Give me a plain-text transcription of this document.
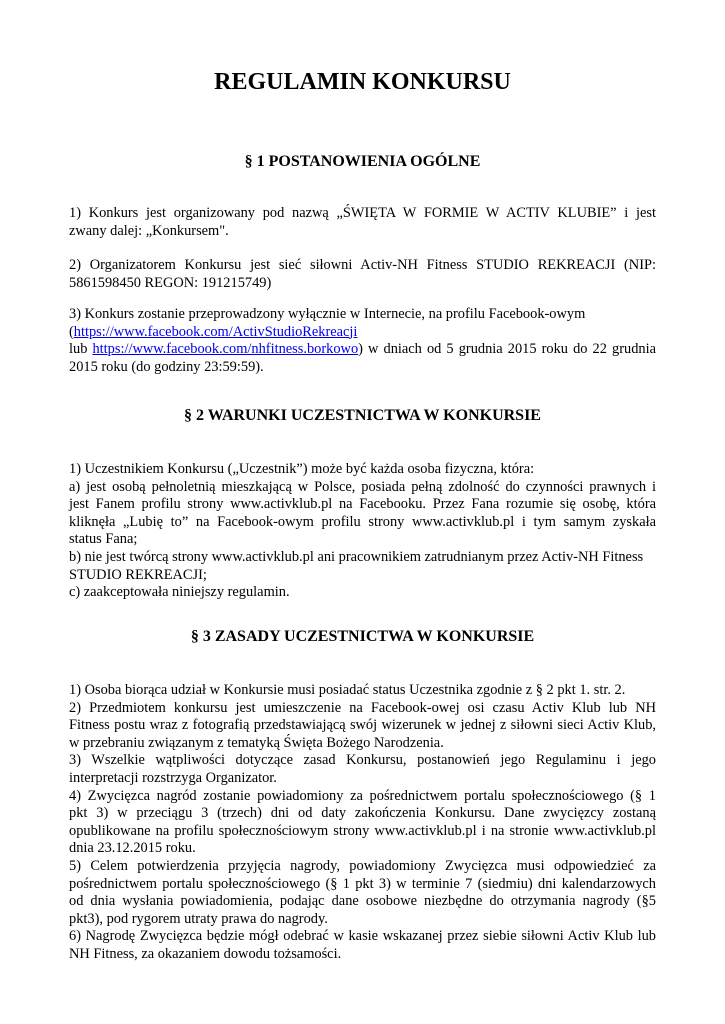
REGULAMIN KONKURSU
§ 1 POSTANOWIENIA OGÓLNE

1) Konkurs jest organizowany pod nazwą „ŚWIĘTA W FORMIE W ACTIV KLUBIE” i jest

zwany dalej: „Konkursem".

2) Organizatorem Konkursu jest sieć siłowni Activ-NH Fitness STUDIO REKREACJI (NIP:

5861598450 REGON: 191215749)

3) Konkurs zostanie przeprowadzony wyłącznie w Internecie, na profilu Facebook-owym

(https://www.facebook.com/ActivStudioRekreacji

lub https://www.facebook.com/nhfitness.borkowo) w dniach od 5 grudnia 2015 roku do 22 grudnia

2015 roku (do godziny 23:59:59).

§ 2 WARUNKI UCZESTNICTWA W KONKURSIE

1) Uczestnikiem Konkursu („Uczestnik”) może być każda osoba fizyczna, która:

a) jest osobą pełnoletnią mieszkającą w Polsce, posiada pełną zdolność do czynności prawnych i

jest Fanem profilu strony www.activklub.pl na Facebooku. Przez Fana rozumie się osobę, która

kliknęła „Lubię to” na Facebook-owym profilu strony www.activklub.pl i tym samym zyskała

status Fana;

b) nie jest twórcą strony www.activklub.pl ani pracownikiem zatrudnianym przez Activ-NH Fitness

STUDIO REKREACJI;

c) zaakceptowała niniejszy regulamin.

§ 3 ZASADY UCZESTNICTWA W KONKURSIE

1) Osoba biorąca udział w Konkursie musi posiadać status Uczestnika zgodnie z § 2 pkt 1. str. 2.

2) Przedmiotem konkursu jest umieszczenie na Facebook-owej osi czasu Activ Klub lub NH

Fitness postu wraz z fotografią przedstawiającą swój wizerunek w jednej z siłowni sieci Activ Klub,

w przebraniu związanym z tematyką Święta Bożego Narodzenia.

3) Wszelkie wątpliwości dotyczące zasad Konkursu, postanowień jego Regulaminu i jego

interpretacji rozstrzyga Organizator.

4) Zwycięzca nagród zostanie powiadomiony za pośrednictwem portalu społecznościowego (§ 1

pkt 3) w przeciągu 3 (trzech) dni od daty zakończenia Konkursu. Dane zwycięzcy zostaną

opublikowane na profilu społecznościowym strony www.activklub.pl i na stronie www.activklub.pl

dnia 23.12.2015 roku.

5) Celem potwierdzenia przyjęcia nagrody, powiadomiony Zwycięzca musi odpowiedzieć za

pośrednictwem portalu społecznościowego (§ 1 pkt 3) w terminie 7 (siedmiu) dni kalendarzowych

od dnia wysłania powiadomienia, podając dane osobowe niezbędne do otrzymania nagrody (§5

pkt3), pod rygorem utraty prawa do nagrody.

6) Nagrodę Zwycięzca będzie mógł odebrać w kasie wskazanej przez siebie siłowni Activ Klub lub

NH Fitness, za okazaniem dowodu tożsamości.
